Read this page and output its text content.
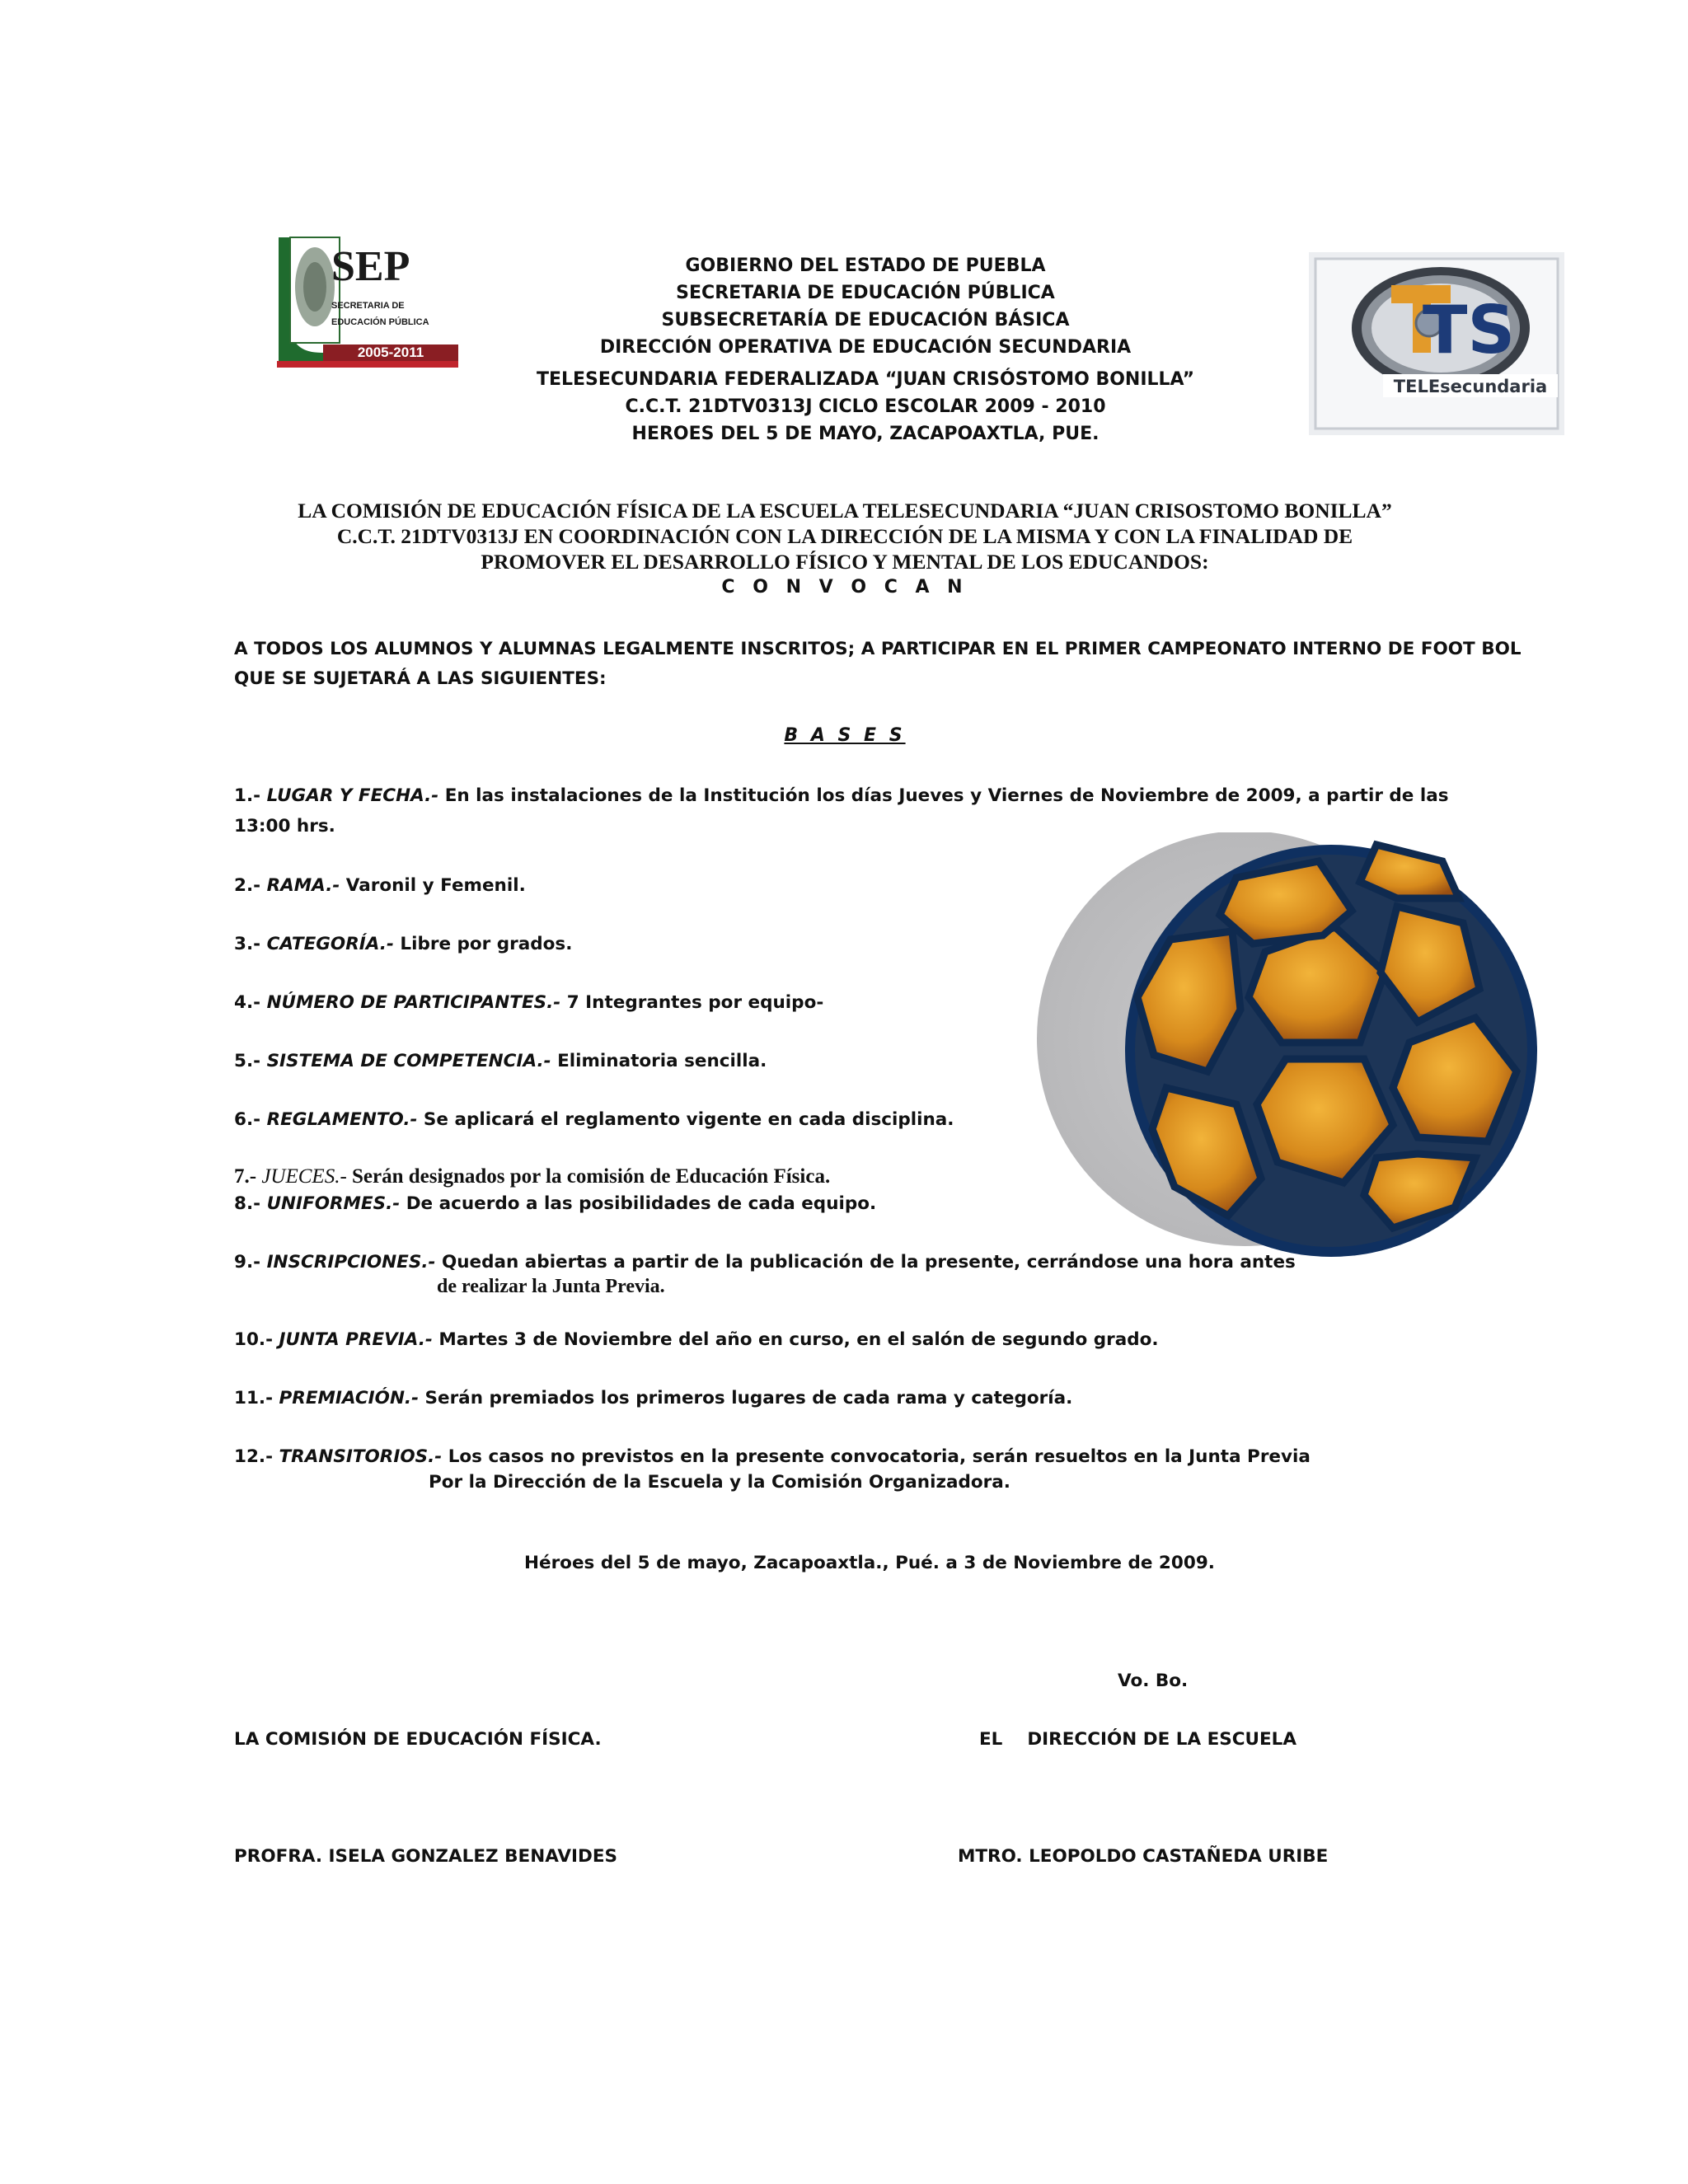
2005-2011
SEP
SECRETARIA DE
EDUCACIÓN PÚBLICA	TS
TELEsecundaria
GOBIERNO DEL ESTADO DE PUEBLA
SECRETARIA DE EDUCACIÓN PÚBLICA
SUBSECRETARÍA DE EDUCACIÓN BÁSICA
DIRECCIÓN OPERATIVA DE EDUCACIÓN SECUNDARIA
TELESECUNDARIA FEDERALIZADA “JUAN CRISÓSTOMO BONILLA”
C.C.T. 21DTV0313J CICLO ESCOLAR 2009 - 2010
HEROES DEL 5 DE MAYO, ZACAPOAXTLA, PUE.
LA COMISIÓN DE EDUCACIÓN FÍSICA DE LA ESCUELA TELESECUNDARIA “JUAN CRISOSTOMO BONILLA”
C.C.T. 21DTV0313J EN COORDINACIÓN CON LA DIRECCIÓN DE LA MISMA Y CON LA FINALIDAD DE
PROMOVER EL DESARROLLO FÍSICO Y MENTAL DE LOS EDUCANDOS:
C O N V O C A N
A TODOS LOS ALUMNOS Y ALUMNAS LEGALMENTE INSCRITOS; A PARTICIPAR EN EL PRIMER CAMPEONATO INTERNO DE FOOT BOL
QUE SE SUJETARÁ A LAS SIGUIENTES:
B A S E S
1.- LUGAR Y FECHA.- En las instalaciones de la Institución los días Jueves y Viernes de Noviembre de 2009, a partir de las
13:00 hrs.
2.- RAMA.- Varonil y Femenil.
3.- CATEGORÍA.- Libre por grados.
4.- NÚMERO DE PARTICIPANTES.- 7 Integrantes por equipo-
5.- SISTEMA DE COMPETENCIA.- Eliminatoria sencilla.
6.- REGLAMENTO.- Se aplicará el reglamento vigente en cada disciplina.
7.- JUECES.- Serán designados por la comisión de Educación Física.
8.- UNIFORMES.- De acuerdo a las posibilidades de cada equipo.
9.- INSCRIPCIONES.- Quedan abiertas a partir de la publicación de la presente, cerrándose una hora antes
de realizar la Junta Previa.
10.- JUNTA PREVIA.- Martes 3 de Noviembre del año en curso, en el salón de segundo grado.
11.- PREMIACIÓN.- Serán premiados los primeros lugares de cada rama y categoría.
12.- TRANSITORIOS.- Los casos no previstos en la presente convocatoria, serán resueltos en la Junta Previa
Por la Dirección de la Escuela y la Comisión Organizadora.
Héroes del 5 de mayo, Zacapoaxtla., Pué. a 3 de Noviembre de 2009.
Vo. Bo.
LA COMISIÓN DE EDUCACIÓN FÍSICA.	EL    DIRECCIÓN DE LA ESCUELA
PROFRA. ISELA GONZALEZ BENAVIDES	MTRO. LEOPOLDO CASTAÑEDA URIBE
